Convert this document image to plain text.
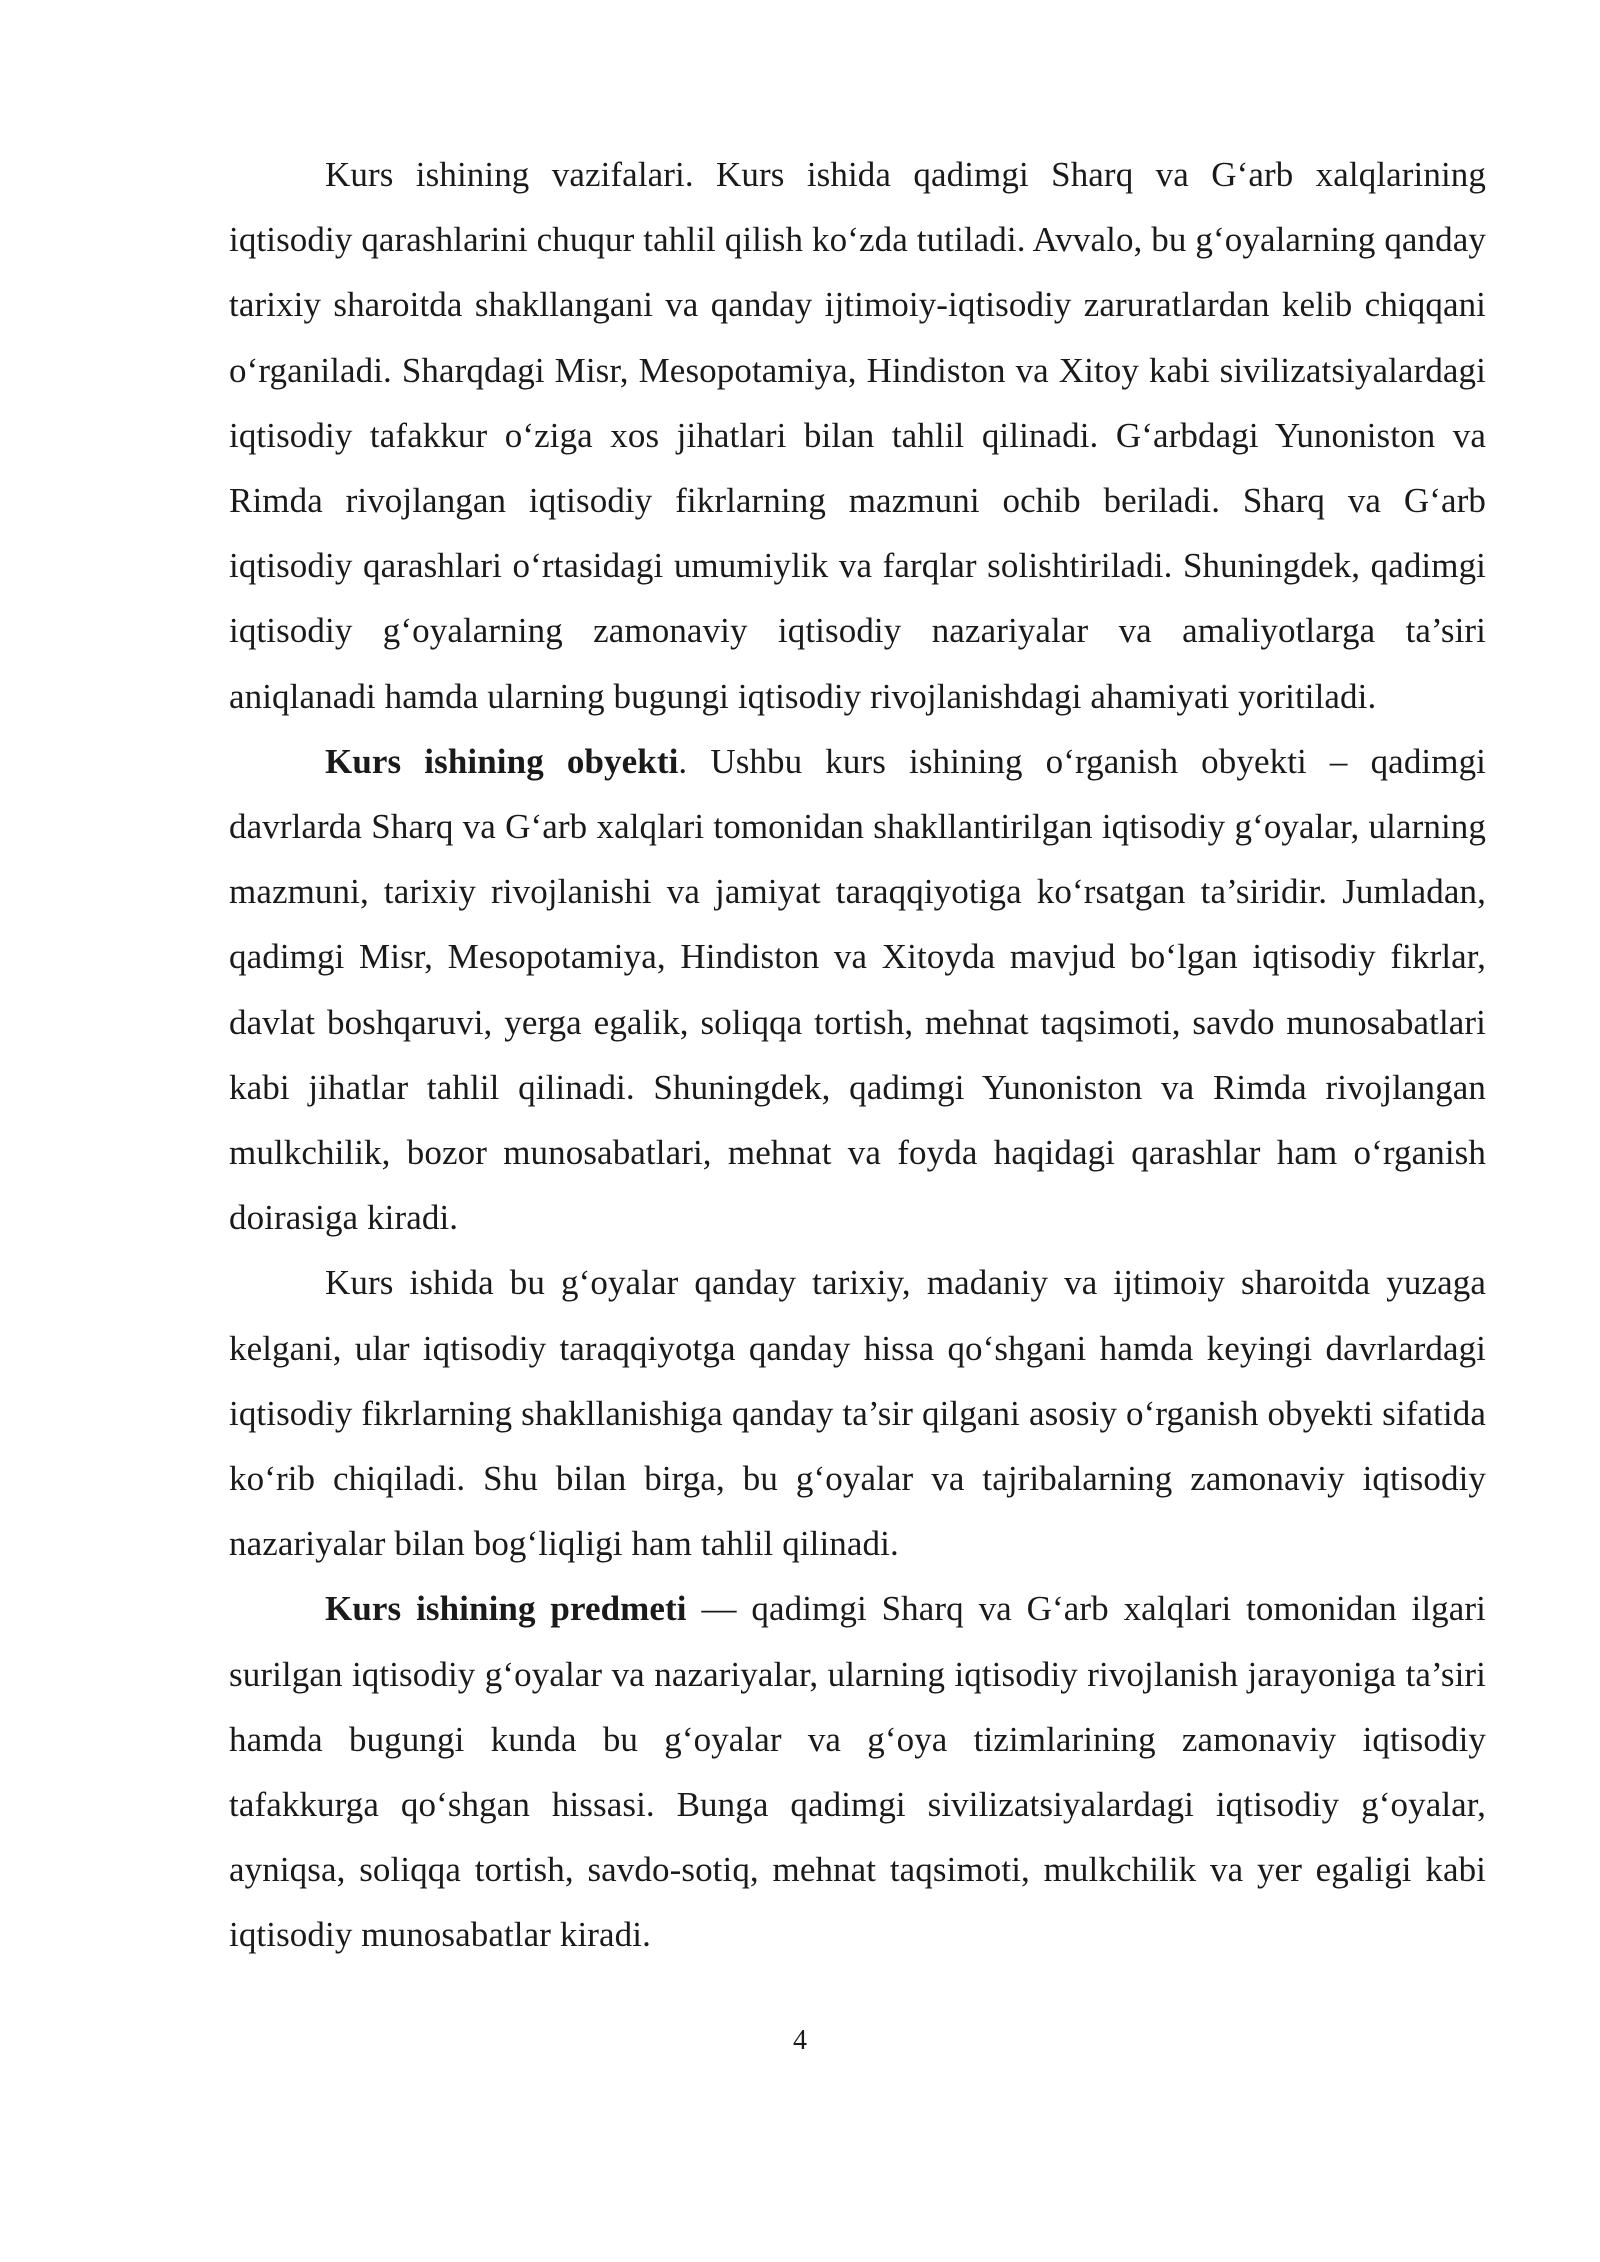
Kurs ishining vazifalari. Kurs ishida qadimgi Sharq va G‘arb xalqlarining iqtisodiy qarashlarini chuqur tahlil qilish ko‘zda tutiladi. Avvalo, bu g‘oyalarning qanday tarixiy sharoitda shakllangani va qanday ijtimoiy-iqtisodiy zaruratlardan kelib chiqqani o‘rganiladi. Sharqdagi Misr, Mesopotamiya, Hindiston va Xitoy kabi sivilizatsiyalardagi iqtisodiy tafakkur o‘ziga xos jihatlari bilan tahlil qilinadi. G‘arbdagi Yunoniston va Rimda rivojlangan iqtisodiy fikrlarning mazmuni ochib beriladi. Sharq va G‘arb iqtisodiy qarashlari o‘rtasidagi umumiylik va farqlar solishtiriladi. Shuningdek, qadimgi iqtisodiy g‘oyalarning zamonaviy iqtisodiy nazariyalar va amaliyotlarga ta’siri aniqlanadi hamda ularning bugungi iqtisodiy rivojlanishdagi ahamiyati yoritiladi.

Kurs ishining obyekti. Ushbu kurs ishining o‘rganish obyekti – qadimgi davrlarda Sharq va G‘arb xalqlari tomonidan shakllantirilgan iqtisodiy g‘oyalar, ularning mazmuni, tarixiy rivojlanishi va jamiyat taraqqiyotiga ko‘rsatgan ta’siridir. Jumladan, qadimgi Misr, Mesopotamiya, Hindiston va Xitoyda mavjud bo‘lgan iqtisodiy fikrlar, davlat boshqaruvi, yerga egalik, soliqqa tortish, mehnat taqsimoti, savdo munosabatlari kabi jihatlar tahlil qilinadi. Shuningdek, qadimgi Yunoniston va Rimda rivojlangan mulkchilik, bozor munosabatlari, mehnat va foyda haqidagi qarashlar ham o‘rganish doirasiga kiradi.

Kurs ishida bu g‘oyalar qanday tarixiy, madaniy va ijtimoiy sharoitda yuzaga kelgani, ular iqtisodiy taraqqiyotga qanday hissa qo‘shgani hamda keyingi davrlardagi iqtisodiy fikrlarning shakllanishiga qanday ta’sir qilgani asosiy o‘rganish obyekti sifatida ko‘rib chiqiladi. Shu bilan birga, bu g‘oyalar va tajribalarning zamonaviy iqtisodiy nazariyalar bilan bog‘liqligi ham tahlil qilinadi.

Kurs ishining predmeti — qadimgi Sharq va G‘arb xalqlari tomonidan ilgari surilgan iqtisodiy g‘oyalar va nazariyalar, ularning iqtisodiy rivojlanish jarayoniga ta’siri hamda bugungi kunda bu g‘oyalar va g‘oya tizimlarining zamonaviy iqtisodiy tafakkurga qo‘shgan hissasi. Bunga qadimgi sivilizatsiyalardagi iqtisodiy g‘oyalar, ayniqsa, soliqqa tortish, savdo-sotiq, mehnat taqsimoti, mulkchilik va yer egaligi kabi iqtisodiy munosabatlar kiradi.

4
